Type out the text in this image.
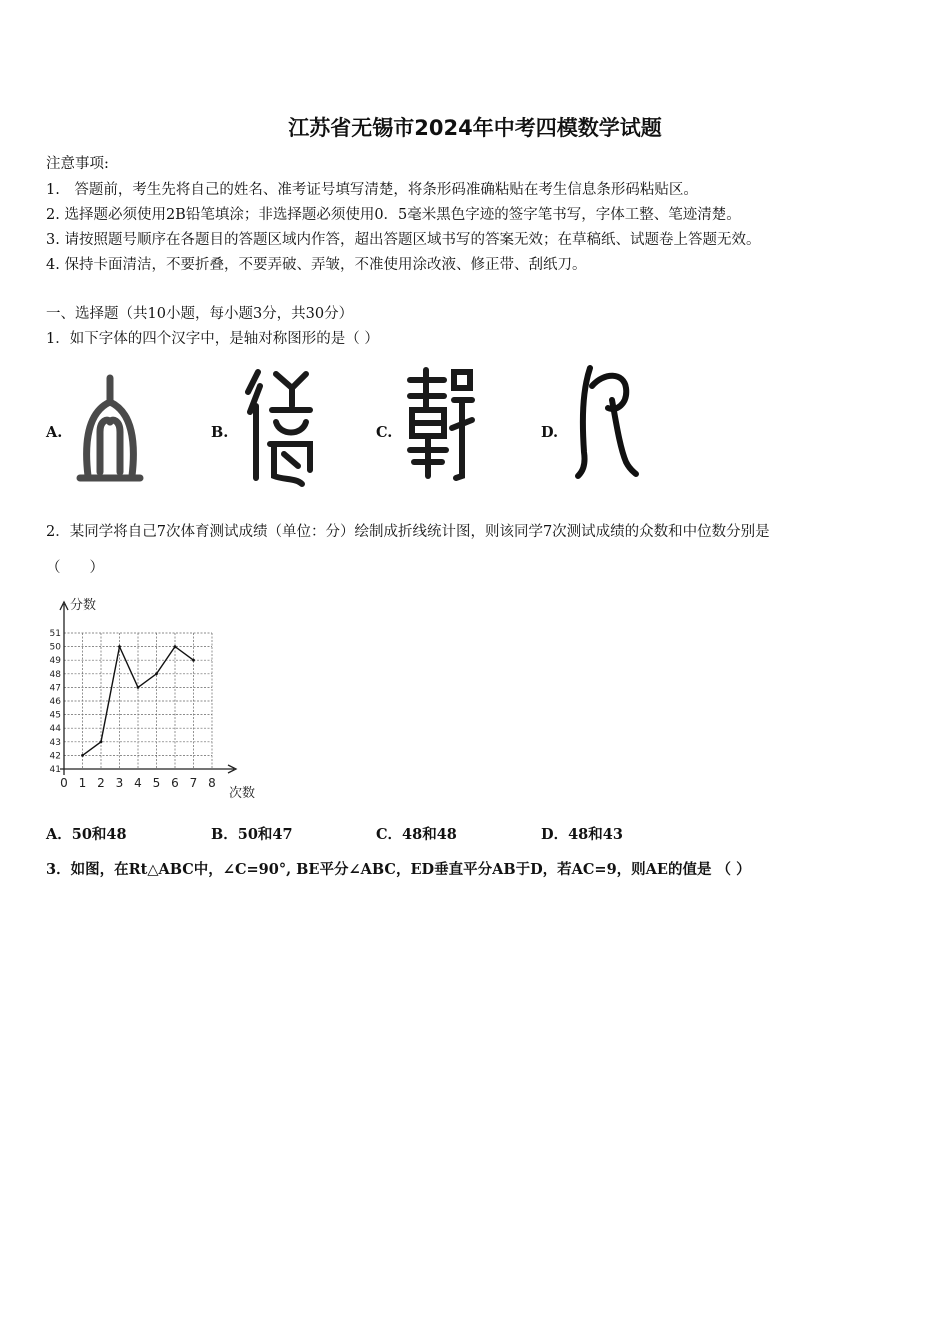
江苏省无锡市2024年中考四模数学试题
注意事项:
1.　答题前，考生先将自己的姓名、准考证号填写清楚，将条形码准确粘贴在考生信息条形码粘贴区。
2. 选择题必须使用2B铅笔填涂；非选择题必须使用0．5毫米黑色字迹的签字笔书写，字体工整、笔迹清楚。
3. 请按照题号顺序在各题目的答题区域内作答，超出答题区域书写的答案无效；在草稿纸、试题卷上答题无效。
4. 保持卡面清洁，不要折叠，不要弄破、弄皱，不准使用涂改液、修正带、刮纸刀。
一、选择题（共10小题，每小题3分，共30分）
1．如下字体的四个汉字中，是轴对称图形的是（ ）
A.	B.	C.	D.
2．某同学将自己7次体育测试成绩（单位：分）绘制成折线统计图，则该同学7次测试成绩的众数和中位数分别是
（　　）
0 1 2 3 4 5 6 7 8
41
42
43
44
45
46
47
48
49
50
51
分数
次数
A．50和48	B．50和47	C．48和48	D．48和43
3．如图，在Rt△ABC中，∠C=90°, BE平分∠ABC，ED垂直平分AB于D，若AC=9，则AE的值是 （ ）
